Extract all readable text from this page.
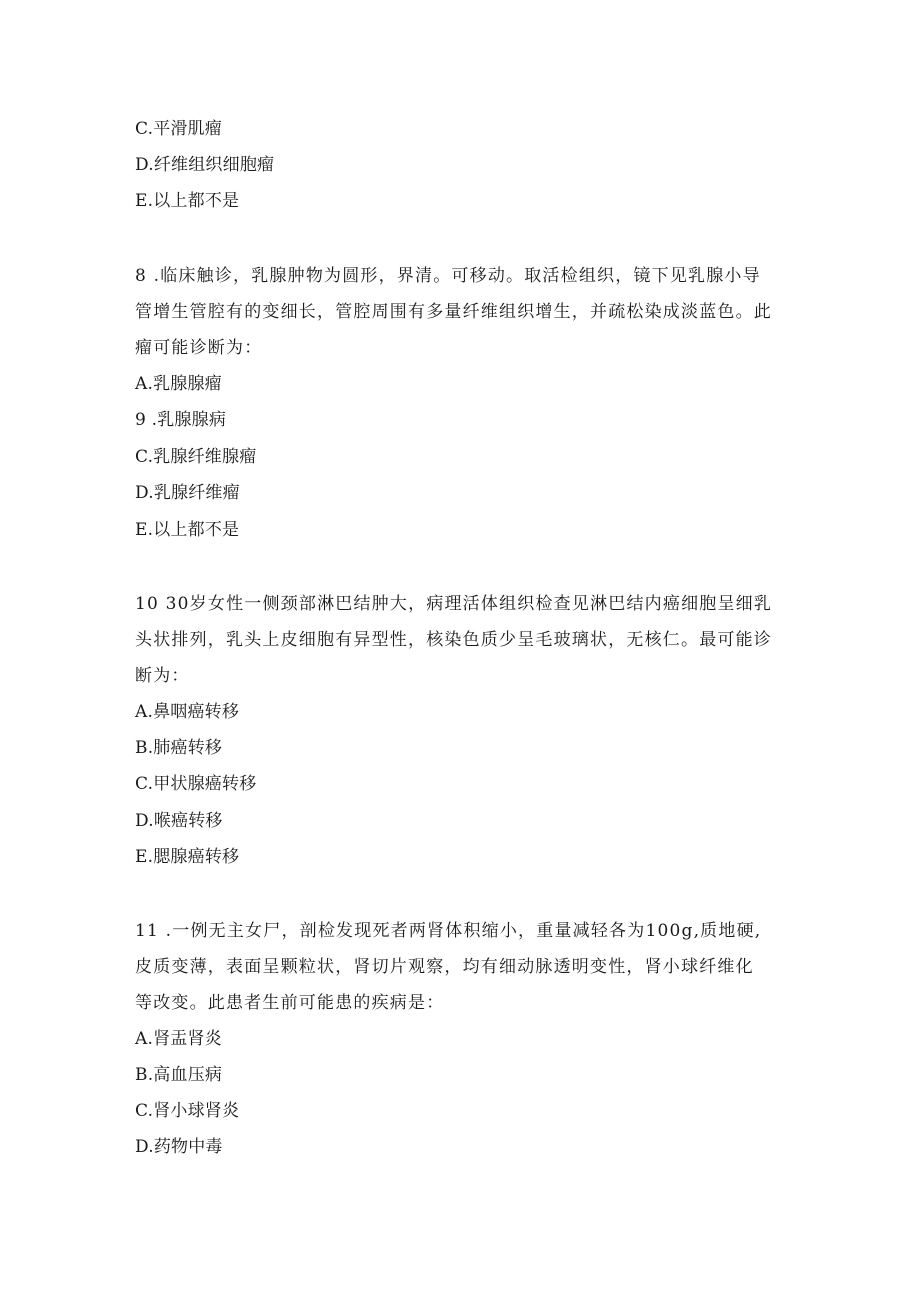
C.平滑肌瘤
D.纤维组织细胞瘤
E.以上都不是
8 .临床触诊，乳腺肿物为圆形，界清。可移动。取活检组织，镜下见乳腺小导
管增生管腔有的变细长，管腔周围有多量纤维组织增生，并疏松染成淡蓝色。此
瘤可能诊断为：
A.乳腺腺瘤
9 .乳腺腺病
C.乳腺纤维腺瘤
D.乳腺纤维瘤
E.以上都不是
10 30岁女性一侧颈部淋巴结肿大，病理活体组织检查见淋巴结内癌细胞呈细乳
头状排列，乳头上皮细胞有异型性，核染色质少呈毛玻璃状，无核仁。最可能诊
断为：
A.鼻咽癌转移
B.肺癌转移
C.甲状腺癌转移
D.喉癌转移
E.腮腺癌转移
11 .一例无主女尸，剖检发现死者两肾体积缩小，重量减轻各为100g,质地硬,
皮质变薄，表面呈颗粒状，肾切片观察，均有细动脉透明变性，肾小球纤维化
等改变。此患者生前可能患的疾病是：
A.肾盂肾炎
B.高血压病
C.肾小球肾炎
D.药物中毒
